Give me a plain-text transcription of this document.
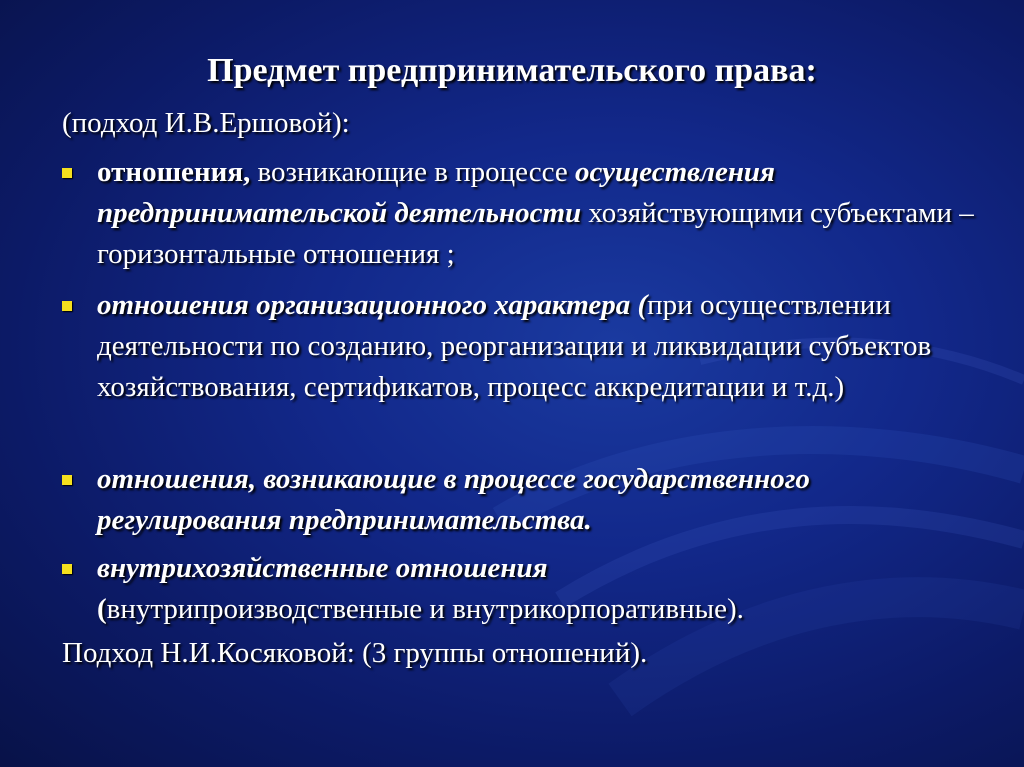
Предмет предпринимательского права:
(подход И.В.Ершовой):
отношения, возникающие в процессе осуществления предпринимательской деятельности хозяйствующими субъектами – горизонтальные отношения ;
отношения организационного характера (при осуществлении деятельности по созданию, реорганизации и ликвидации субъектов хозяйствования, сертификатов, процесс аккредитации и т.д.)
отношения, возникающие в процессе государственного регулирования предпринимательства.
внутрихозяйственные отношения
(внутрипроизводственные и внутрикорпоративные).
Подход Н.И.Косяковой: (3 группы отношений).
